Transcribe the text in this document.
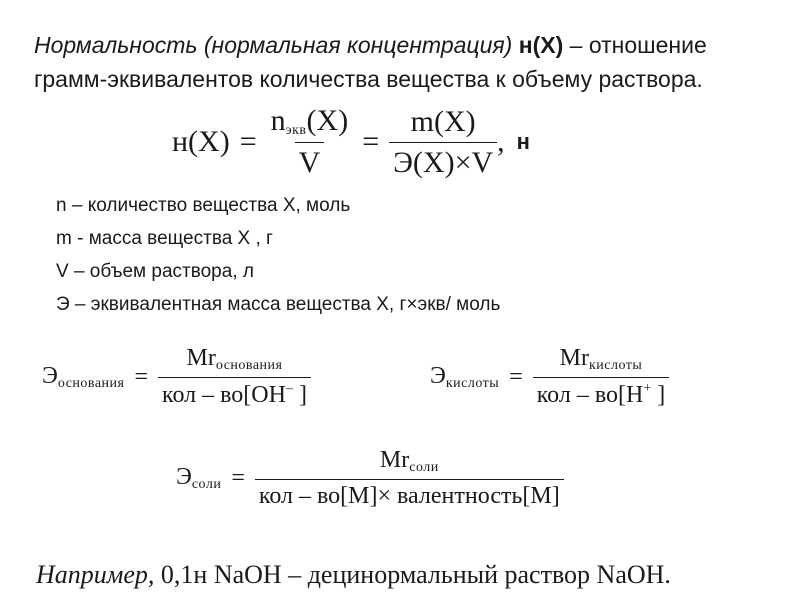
Нормальность (нормальная концентрация) н(Х) – отношение
грамм-эквивалентов количества вещества к объему раствора.
$н(X) = \frac{n_{экв}(X)}{V} = \frac{m(X)}{Э(X)\times V}$ , н
n – количество вещества Х, моль
m - масса вещества Х , г
V – объем раствора, л
Э – эквивалентная масса вещества Х, г×экв/ моль
$Э_{основания} = \frac{Mr_{основания}}{кол - во[OH^- ]}$	$Э_{кислоты} = \frac{Mr_{кислоты}}{кол - во[H^+ ]}$
$Э_{соли} = \frac{Mr_{соли}}{\text{кол – во[M]× валентность[M]}}$
Например, 0,1н NaOH – децинормальный раствор NaOH.
